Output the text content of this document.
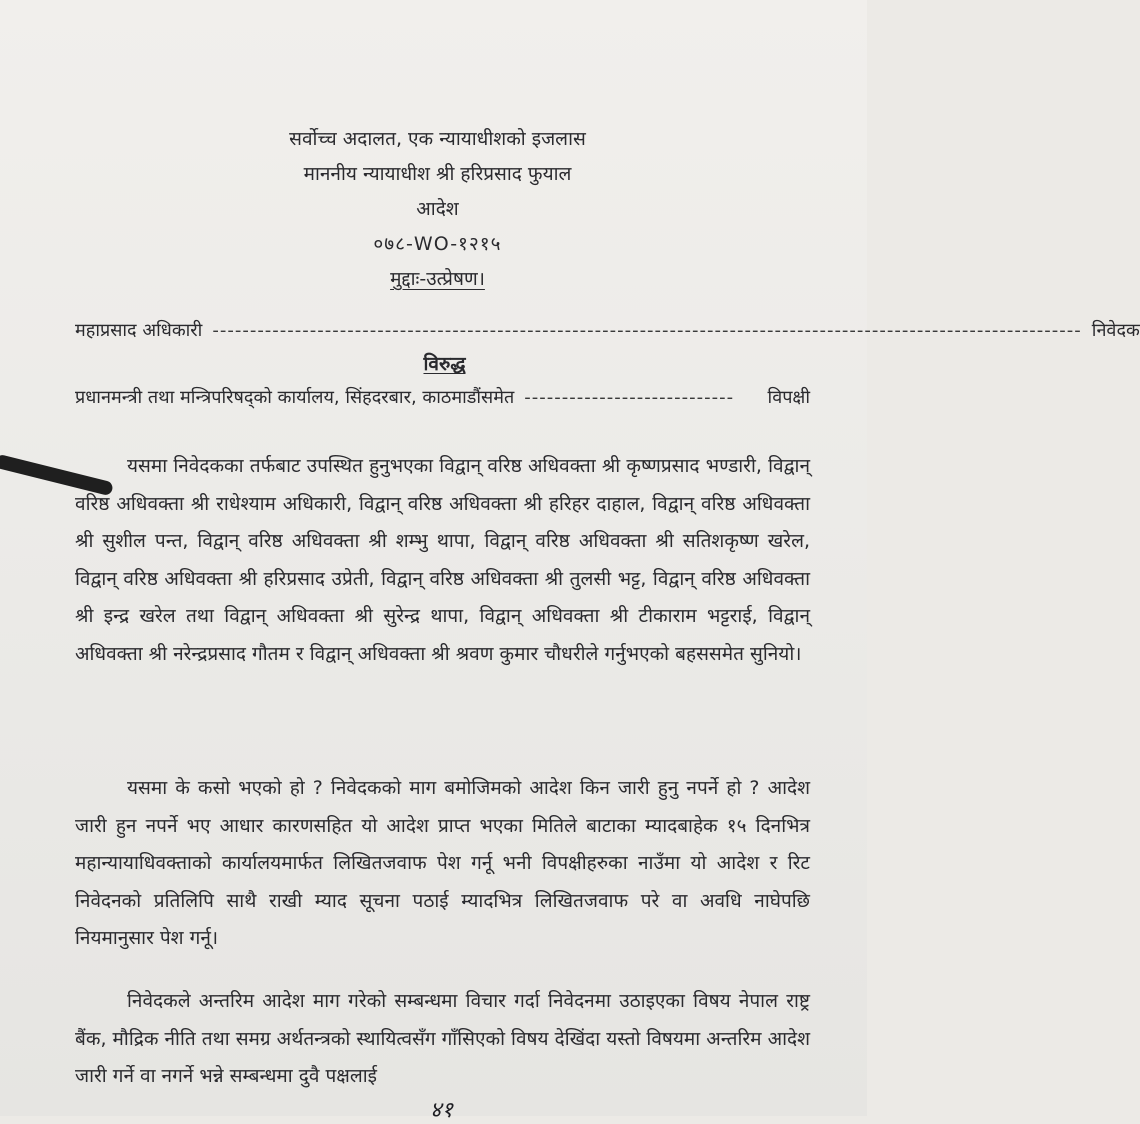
सर्वोच्च अदालत, एक न्यायाधीशको इजलास
माननीय न्यायाधीश श्री हरिप्रसाद फुयाल
आदेश
०७८-WO-१२१५
मुद्दाः-उत्प्रेषण।
महाप्रसाद अधिकारी -------------------------------------------------------------------------------------------------------------------- निवेदक
विरुद्ध
प्रधानमन्त्री तथा मन्त्रिपरिषद्को कार्यालय, सिंहदरबार, काठमाडौंसमेत ----------------------------	विपक्षी

यसमा निवेदकका तर्फबाट उपस्थित हुनुभएका विद्वान् वरिष्ठ अधिवक्ता श्री कृष्णप्रसाद भण्डारी, विद्वान् वरिष्ठ अधिवक्ता श्री राधेश्याम अधिकारी, विद्वान् वरिष्ठ अधिवक्ता श्री हरिहर दाहाल, विद्वान् वरिष्ठ अधिवक्ता श्री सुशील पन्त, विद्वान् वरिष्ठ अधिवक्ता श्री शम्भु थापा, विद्वान् वरिष्ठ अधिवक्ता श्री सतिशकृष्ण खरेल, विद्वान् वरिष्ठ अधिवक्ता श्री हरिप्रसाद उप्रेती, विद्वान् वरिष्ठ अधिवक्ता श्री तुलसी भट्ट, विद्वान् वरिष्ठ अधिवक्ता श्री इन्द्र खरेल तथा विद्वान् अधिवक्ता श्री सुरेन्द्र थापा, विद्वान् अधिवक्ता श्री टीकाराम भट्टराई, विद्वान् अधिवक्ता श्री नरेन्द्रप्रसाद गौतम र विद्वान् अधिवक्ता श्री श्रवण कुमार चौधरीले गर्नुभएको बहससमेत सुनियो।

यसमा के कसो भएको हो ? निवेदकको माग बमोजिमको आदेश किन जारी हुनु नपर्ने हो ? आदेश जारी हुन नपर्ने भए आधार कारणसहित यो आदेश प्राप्त भएका मितिले बाटाका म्यादबाहेक १५ दिनभित्र महान्यायाधिवक्ताको कार्यालयमार्फत लिखितजवाफ पेश गर्नू भनी विपक्षीहरुका नाउँमा यो आदेश र रिट निवेदनको प्रतिलिपि साथै राखी म्याद सूचना पठाई म्यादभित्र लिखितजवाफ परे वा अवधि नाघेपछि नियमानुसार पेश गर्नू।

निवेदकले अन्तरिम आदेश माग गरेको सम्बन्धमा विचार गर्दा निवेदनमा उठाइएका विषय नेपाल राष्ट्र बैंक, मौद्रिक नीति तथा समग्र अर्थतन्त्रको स्थायित्वसँग गाँसिएको विषय देखिंदा यस्तो विषयमा अन्तरिम आदेश जारी गर्ने वा नगर्ने भन्ने सम्बन्धमा दुवै पक्षलाई

४१
